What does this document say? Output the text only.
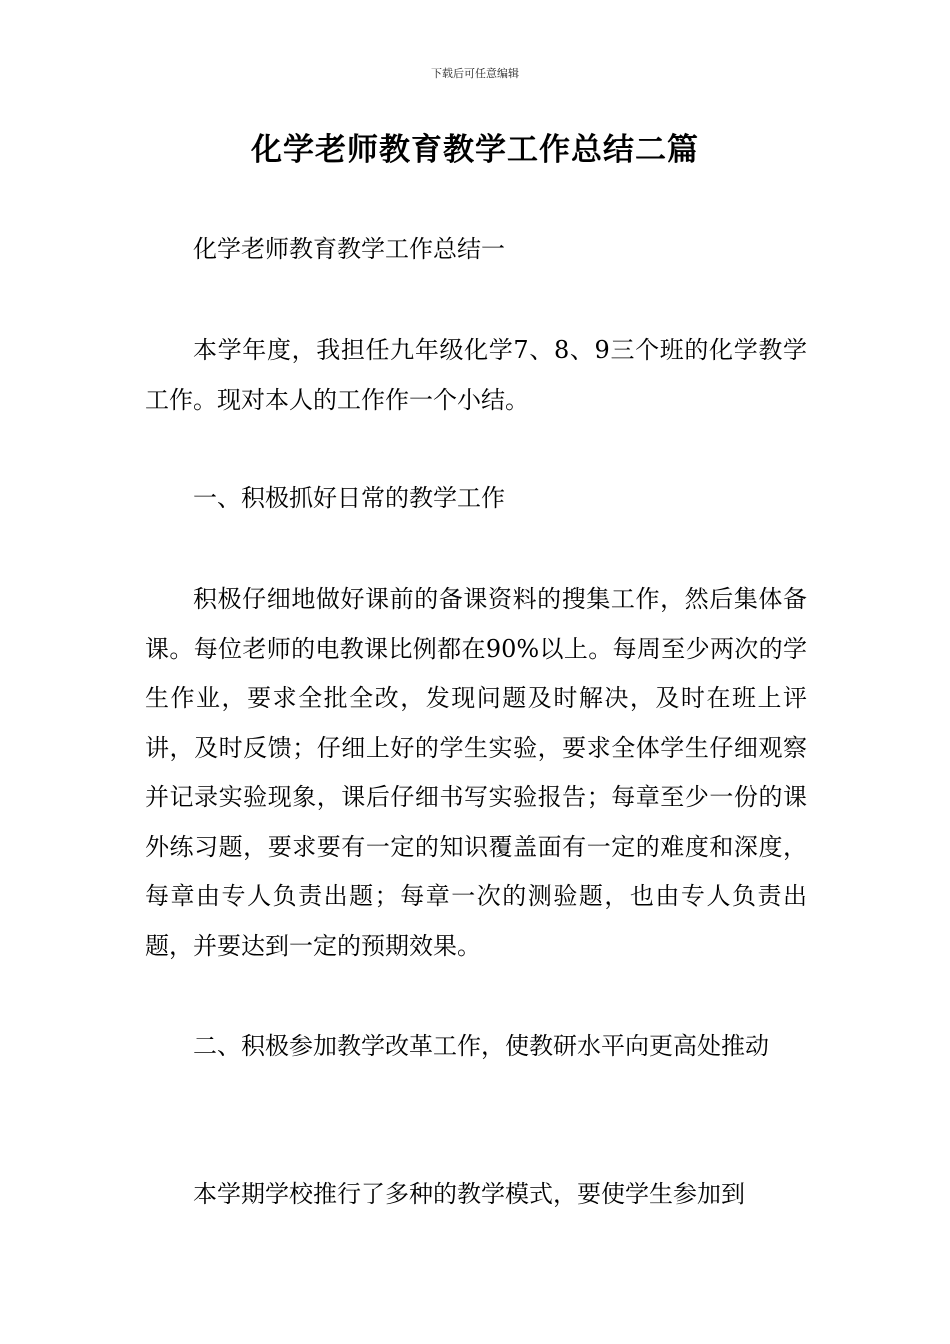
下载后可任意编辑
化学老师教育教学工作总结二篇

化学老师教育教学工作总结一

本学年度，我担任九年级化学7、8、9三个班的化学教学工作。现对本人的工作作一个小结。

一、积极抓好日常的教学工作

积极仔细地做好课前的备课资料的搜集工作，然后集体备课。每位老师的电教课比例都在90%以上。每周至少两次的学生作业，要求全批全改，发现问题及时解决，及时在班上评讲，及时反馈；仔细上好的学生实验，要求全体学生仔细观察并记录实验现象，课后仔细书写实验报告；每章至少一份的课外练习题，要求要有一定的知识覆盖面有一定的难度和深度，每章由专人负责出题；每章一次的测验题，也由专人负责出题，并要达到一定的预期效果。

二、积极参加教学改革工作，使教研水平向更高处推动

本学期学校推行了多种的教学模式，要使学生参加到
